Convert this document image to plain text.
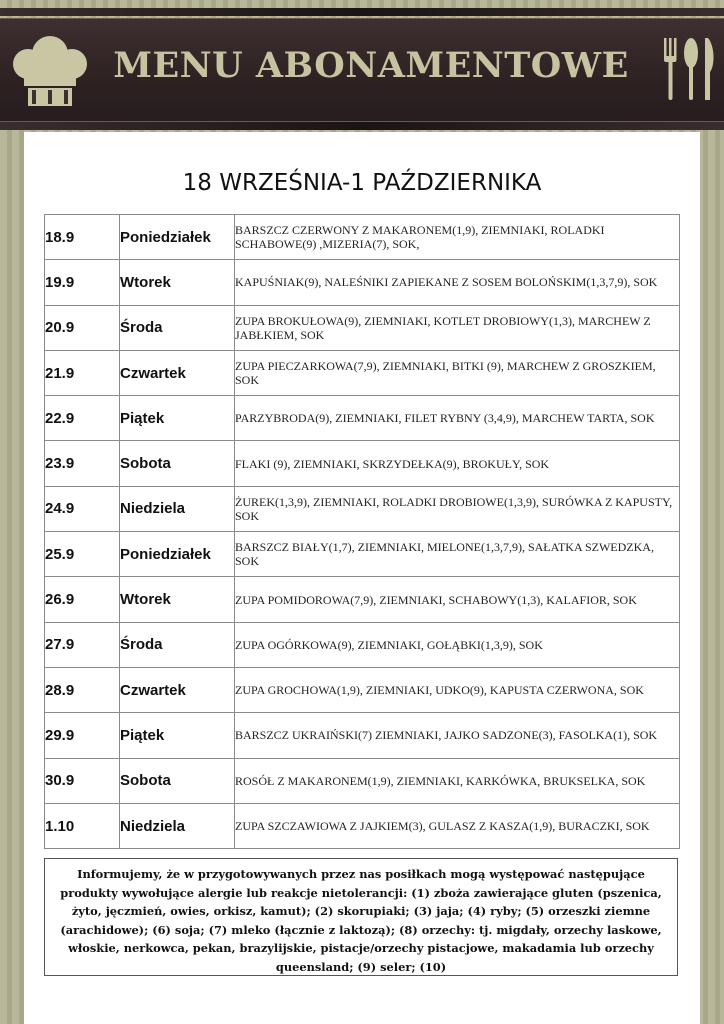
MENU ABONAMENTOWE
18 WRZEŚNIA-1 PAŹDZIERNIKA
18.9	Poniedziałek	BARSZCZ CZERWONY Z MAKARONEM(1,9), ZIEMNIAKI, ROLADKI SCHABOWE(9) ,MIZERIA(7), SOK,
19.9	Wtorek	KAPUŚNIAK(9), NALEŚNIKI ZAPIEKANE Z SOSEM BOLOŃSKIM(1,3,7,9), SOK
20.9	Środa	ZUPA BROKUŁOWA(9), ZIEMNIAKI, KOTLET DROBIOWY(1,3), MARCHEW Z JABŁKIEM, SOK
21.9	Czwartek	ZUPA PIECZARKOWA(7,9), ZIEMNIAKI, BITKI (9), MARCHEW Z GROSZKIEM, SOK
22.9	Piątek	PARZYBRODA(9), ZIEMNIAKI, FILET RYBNY (3,4,9), MARCHEW TARTA, SOK
23.9	Sobota	FLAKI (9), ZIEMNIAKI, SKRZYDEŁKA(9), BROKUŁY, SOK
24.9	Niedziela	ŻUREK(1,3,9), ZIEMNIAKI, ROLADKI DROBIOWE(1,3,9), SURÓWKA Z KAPUSTY, SOK
25.9	Poniedziałek	BARSZCZ BIAŁY(1,7), ZIEMNIAKI, MIELONE(1,3,7,9), SAŁATKA SZWEDZKA, SOK
26.9	Wtorek	ZUPA POMIDOROWA(7,9), ZIEMNIAKI, SCHABOWY(1,3), KALAFIOR, SOK
27.9	Środa	ZUPA OGÓRKOWA(9), ZIEMNIAKI, GOŁĄBKI(1,3,9), SOK
28.9	Czwartek	ZUPA GROCHOWA(1,9), ZIEMNIAKI, UDKO(9), KAPUSTA CZERWONA, SOK
29.9	Piątek	BARSZCZ UKRAIŃSKI(7) ZIEMNIAKI, JAJKO SADZONE(3), FASOLKA(1), SOK
30.9	Sobota	ROSÓŁ Z MAKARONEM(1,9), ZIEMNIAKI, KARKÓWKA, BRUKSELKA, SOK
1.10	Niedziela	ZUPA SZCZAWIOWA Z JAJKIEM(3), GULASZ Z KASZA(1,9), BURACZKI, SOK
Informujemy, że w przygotowywanych przez nas posiłkach mogą występować następujące produkty wywołujące alergie lub reakcje nietolerancji: (1) zboża zawierające gluten (pszenica, żyto, jęczmień, owies, orkisz, kamut); (2) skorupiaki; (3) jaja; (4) ryby; (5) orzeszki ziemne (arachidowe); (6) soja; (7) mleko (łącznie z laktozą); (8) orzechy: tj. migdały, orzechy laskowe, włoskie, nerkowca, pekan, brazylijskie, pistacje/orzechy pistacjowe, makadamia lub orzechy queensland; (9) seler; (10)
